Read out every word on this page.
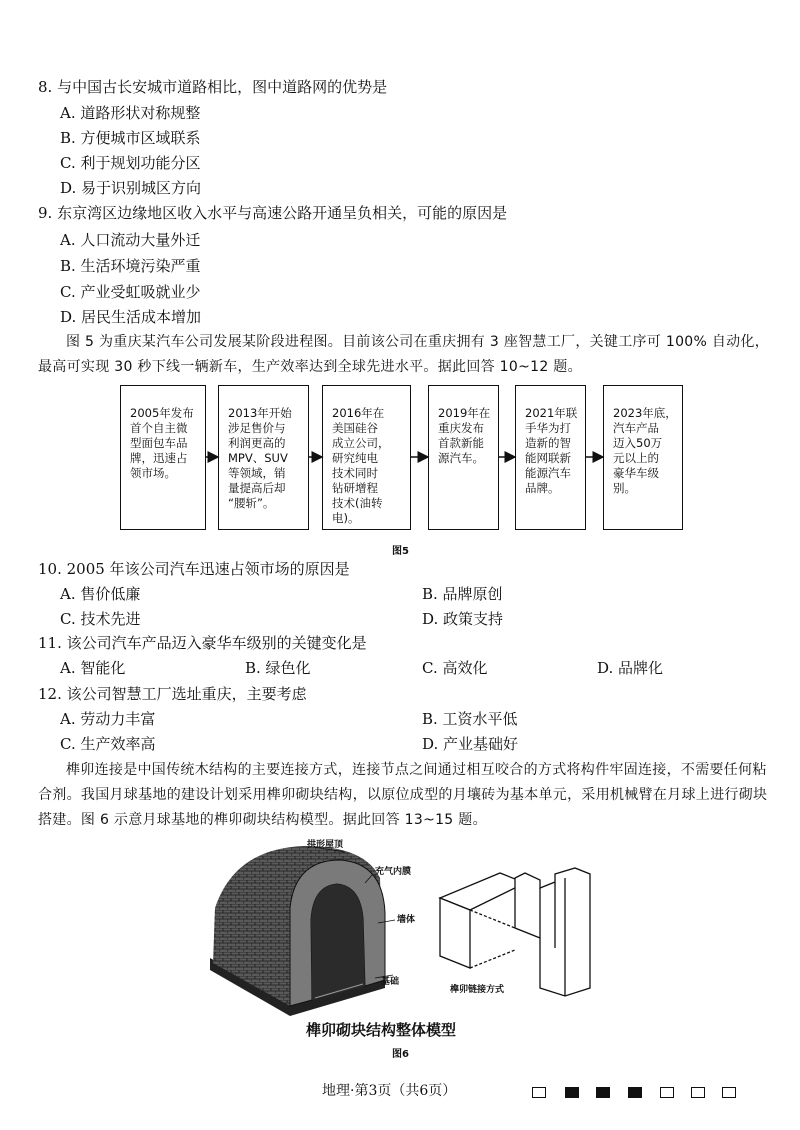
8. 与中国古长安城市道路相比，图中道路网的优势是
A. 道路形状对称规整
B. 方便城市区域联系
C. 利于规划功能分区
D. 易于识别城区方向
9. 东京湾区边缘地区收入水平与高速公路开通呈负相关，可能的原因是
A. 人口流动大量外迁
B. 生活环境污染严重
C. 产业受虹吸就业少
D. 居民生活成本增加
图 5 为重庆某汽车公司发展某阶段进程图。目前该公司在重庆拥有 3 座智慧工厂，关键工序可 100% 自动化，最高可实现 30 秒下线一辆新车，生产效率达到全球先进水平。据此回答 10~12 题。
2005年发布
首个自主微
型面包车品
牌，迅速占
领市场。
2013年开始
涉足售价与
利润更高的
MPV、SUV
等领域，销
量提高后却
“腰斩”。
2016年在
美国硅谷
成立公司，
研究纯电
技术同时
钻研增程
技术(油转
电)。
2019年在
重庆发布
首款新能
源汽车。
2021年联
手华为打
造新的智
能网联新
能源汽车
品牌。
2023年底，
汽车产品
迈入50万
元以上的
豪华车级
别。
图5
10. 2005 年该公司汽车迅速占领市场的原因是
A. 售价低廉	B. 品牌原创
C. 技术先进	D. 政策支持
11. 该公司汽车产品迈入豪华车级别的关键变化是
A. 智能化	B. 绿色化	C. 高效化	D. 品牌化
12. 该公司智慧工厂选址重庆，主要考虑
A. 劳动力丰富	B. 工资水平低
C. 生产效率高	D. 产业基础好
榫卯连接是中国传统木结构的主要连接方式，连接节点之间通过相互咬合的方式将构件牢固连接，不需要任何粘合剂。我国月球基地的建设计划采用榫卯砌块结构，以原位成型的月壤砖为基本单元，采用机械臂在月球上进行砌块搭建。图 6 示意月球基地的榫卯砌块结构模型。据此回答 13~15 题。
拱形屋顶
充气内膜
墙体
基础
榫卯链接方式
榫卯砌块结构整体模型
图6
地理·第3页（共6页）
